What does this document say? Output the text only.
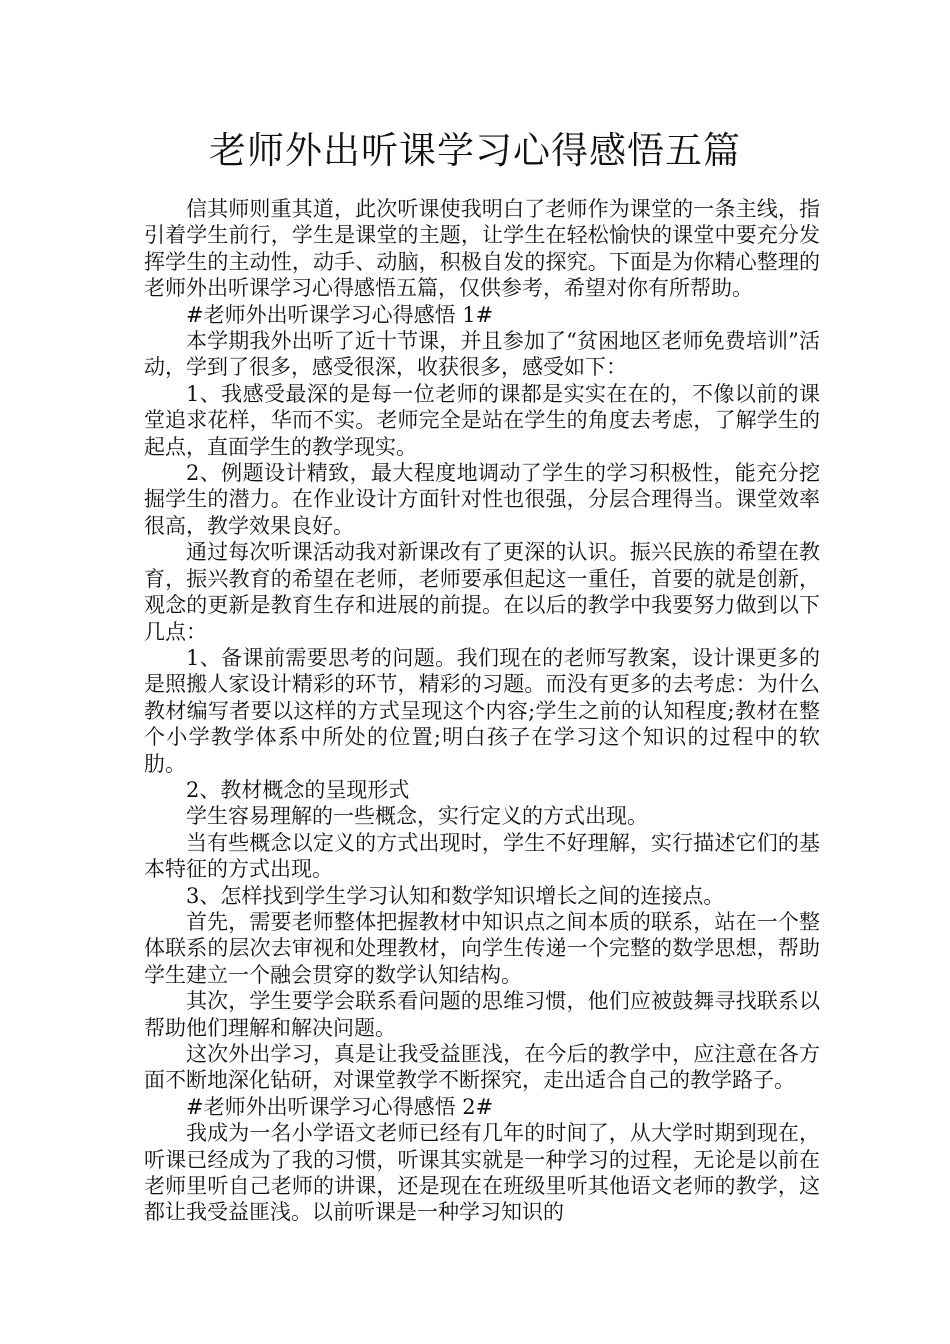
老师外出听课学习心得感悟五篇

信其师则重其道，此次听课使我明白了老师作为课堂的一条主线，指引着学生前行，学生是课堂的主题，让学生在轻松愉快的课堂中要充分发挥学生的主动性，动手、动脑，积极自发的探究。下面是为你精心整理的老师外出听课学习心得感悟五篇，仅供参考，希望对你有所帮助。

#老师外出听课学习心得感悟 1#

本学期我外出听了近十节课，并且参加了“贫困地区老师免费培训”活动，学到了很多，感受很深，收获很多，感受如下：

1、我感受最深的是每一位老师的课都是实实在在的，不像以前的课堂追求花样，华而不实。老师完全是站在学生的角度去考虑，了解学生的起点，直面学生的教学现实。

2、例题设计精致，最大程度地调动了学生的学习积极性，能充分挖掘学生的潜力。在作业设计方面针对性也很强，分层合理得当。课堂效率很高，教学效果良好。

通过每次听课活动我对新课改有了更深的认识。振兴民族的希望在教育，振兴教育的希望在老师，老师要承但起这一重任，首要的就是创新，观念的更新是教育生存和进展的前提。在以后的教学中我要努力做到以下几点：

1、备课前需要思考的问题。我们现在的老师写教案，设计课更多的是照搬人家设计精彩的环节，精彩的习题。而没有更多的去考虑：为什么教材编写者要以这样的方式呈现这个内容;学生之前的认知程度;教材在整个小学教学体系中所处的位置;明白孩子在学习这个知识的过程中的软肋。

2、教材概念的呈现形式

学生容易理解的一些概念，实行定义的方式出现。

当有些概念以定义的方式出现时，学生不好理解，实行描述它们的基本特征的方式出现。

3、怎样找到学生学习认知和数学知识增长之间的连接点。

首先，需要老师整体把握教材中知识点之间本质的联系，站在一个整体联系的层次去审视和处理教材，向学生传递一个完整的数学思想，帮助学生建立一个融会贯穿的数学认知结构。

其次，学生要学会联系看问题的思维习惯，他们应被鼓舞寻找联系以帮助他们理解和解决问题。

这次外出学习，真是让我受益匪浅，在今后的教学中，应注意在各方面不断地深化钻研，对课堂教学不断探究，走出适合自己的教学路子。

#老师外出听课学习心得感悟 2#

我成为一名小学语文老师已经有几年的时间了，从大学时期到现在，听课已经成为了我的习惯，听课其实就是一种学习的过程，无论是以前在老师里听自己老师的讲课，还是现在在班级里听其他语文老师的教学，这都让我受益匪浅。以前听课是一种学习知识的
